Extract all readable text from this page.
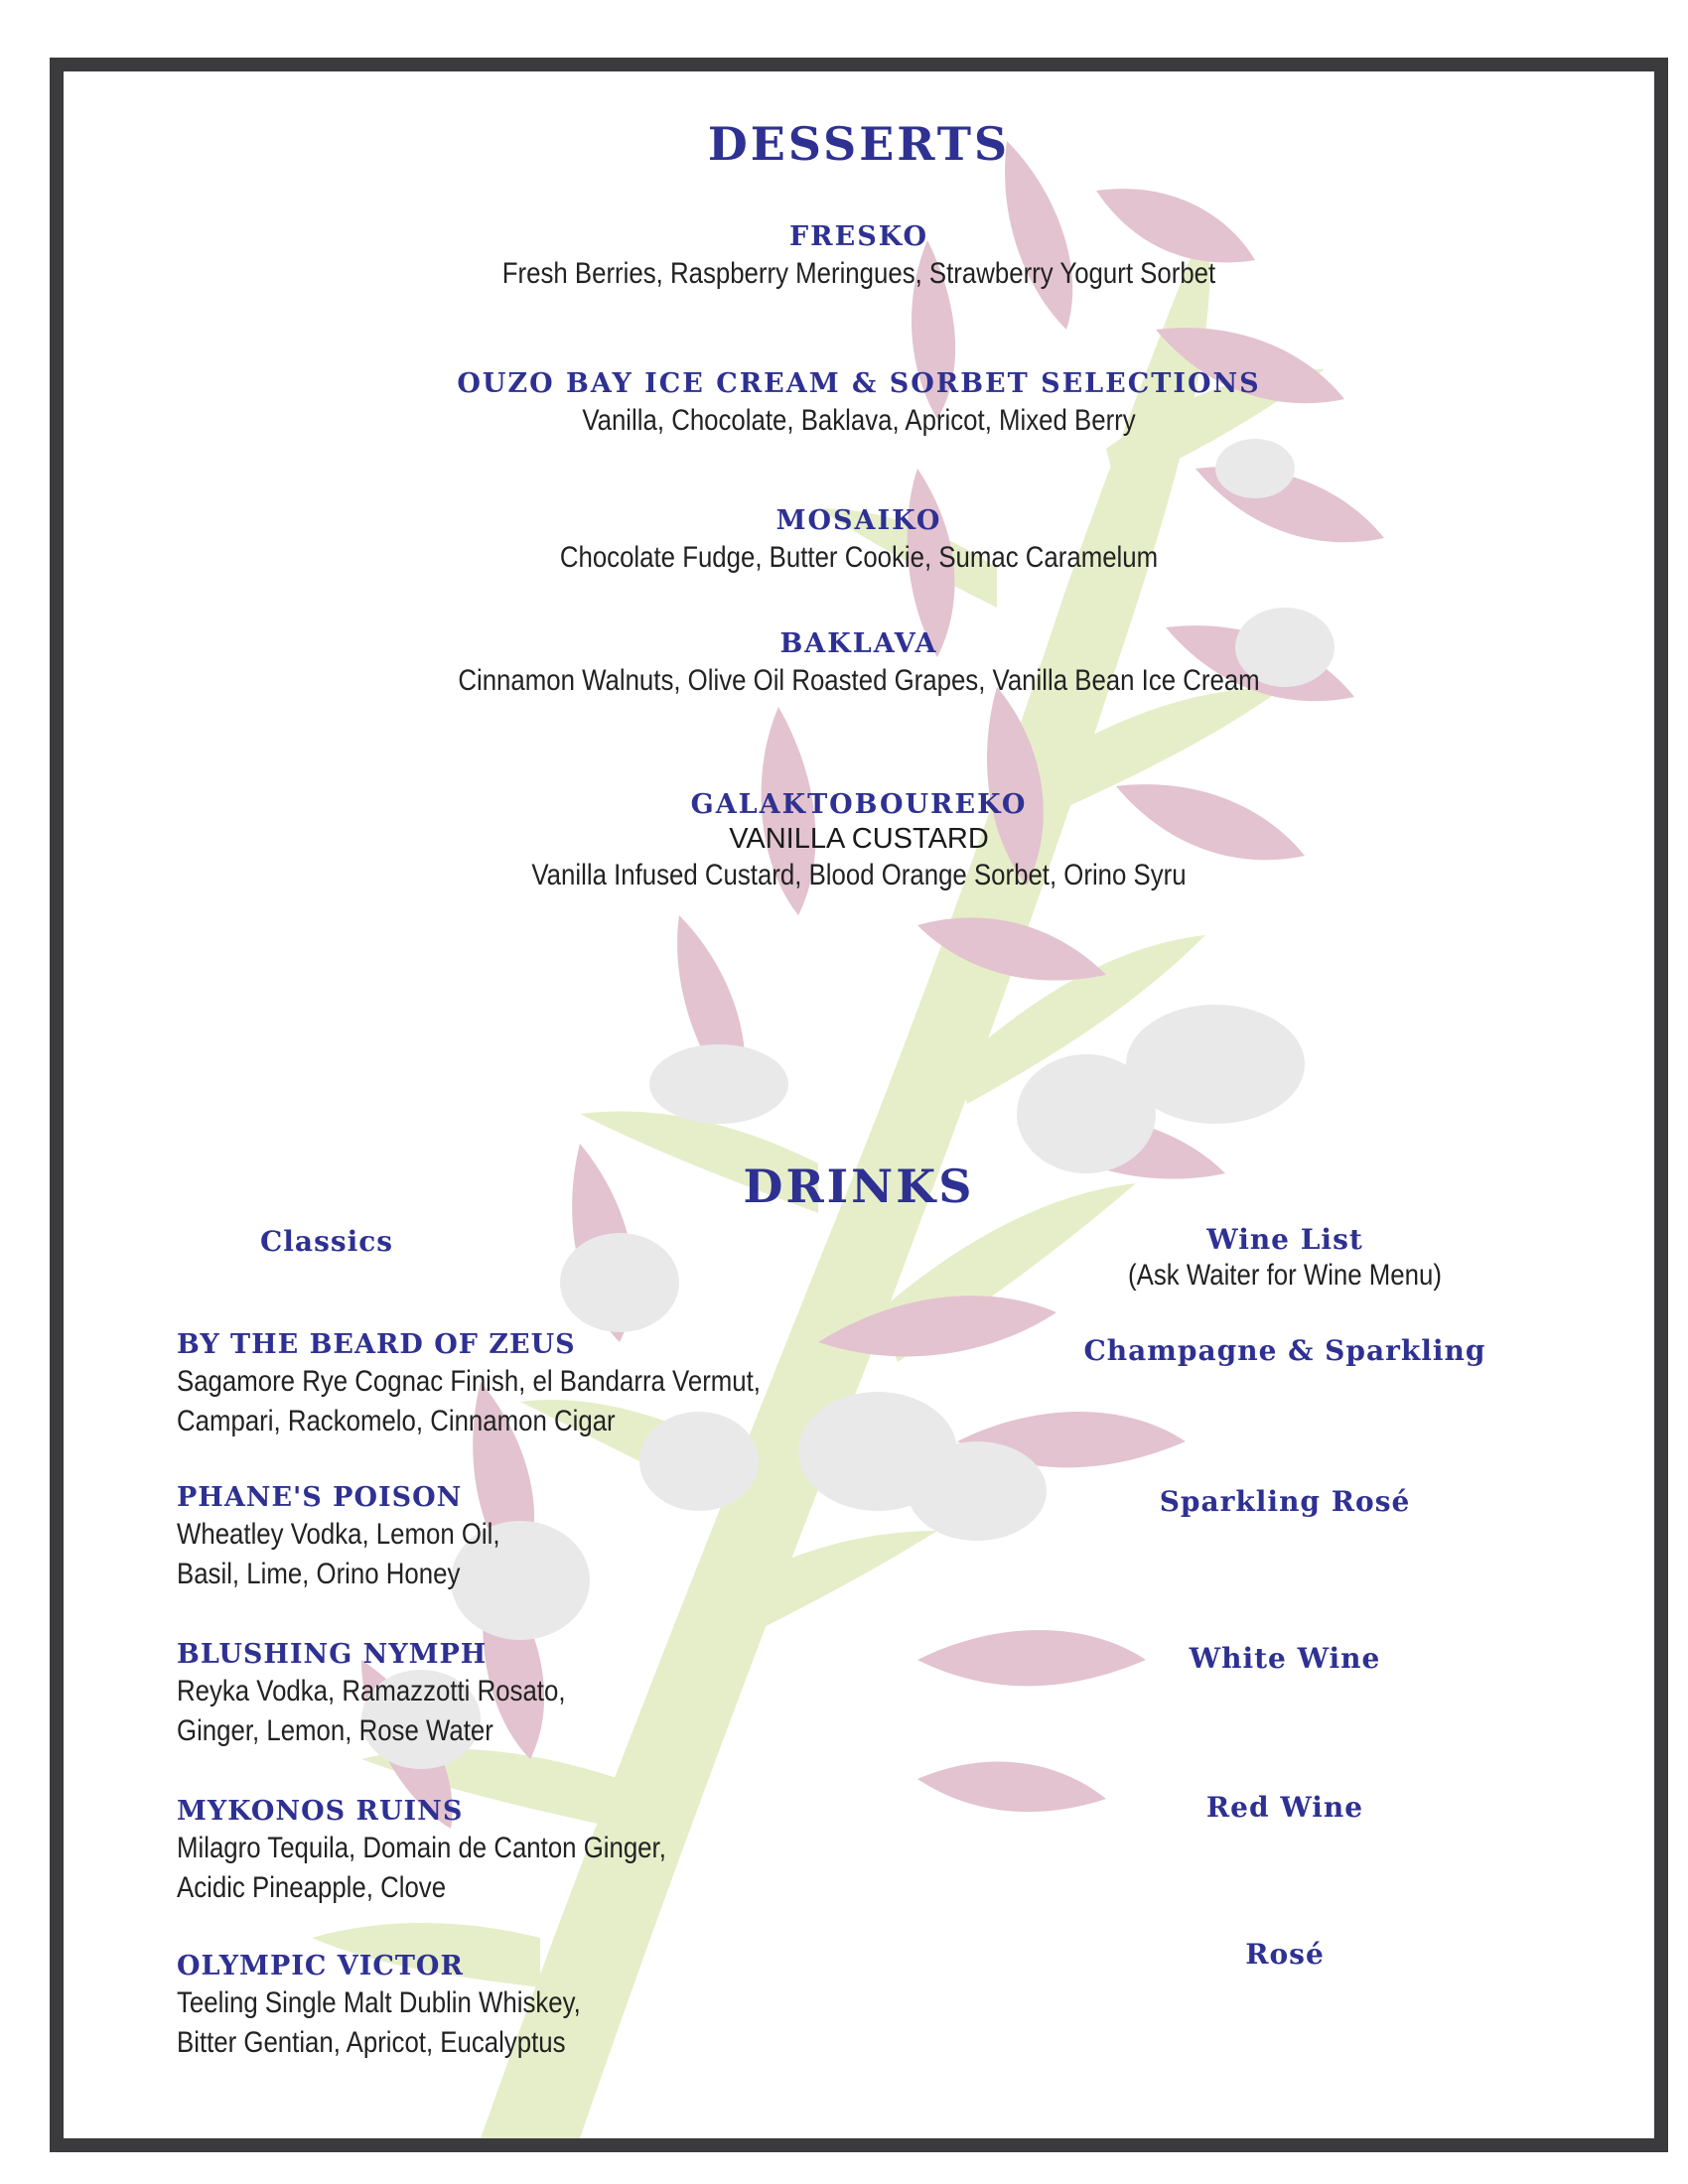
DESSERTS
FRESKO
Fresh Berries, Raspberry Meringues, Strawberry Yogurt Sorbet
OUZO BAY ICE CREAM & SORBET SELECTIONS
Vanilla, Chocolate, Baklava, Apricot, Mixed Berry
MOSAIKO
Chocolate Fudge, Butter Cookie, Sumac Caramelum
BAKLAVA
Cinnamon Walnuts, Olive Oil Roasted Grapes, Vanilla Bean Ice Cream
GALAKTOBOUREKO
VANILLA CUSTARD
Vanilla Infused Custard, Blood Orange Sorbet, Orino Syru
DRINKS
Classics
BY THE BEARD OF ZEUS
Sagamore Rye Cognac Finish, el Bandarra Vermut,
Campari, Rackomelo, Cinnamon Cigar
PHANE'S POISON
Wheatley Vodka, Lemon Oil,
Basil, Lime, Orino Honey
BLUSHING NYMPH
Reyka Vodka, Ramazzotti Rosato,
Ginger, Lemon, Rose Water
MYKONOS RUINS
Milagro Tequila, Domain de Canton Ginger,
Acidic Pineapple, Clove
OLYMPIC VICTOR
Teeling Single Malt Dublin Whiskey,
Bitter Gentian, Apricot, Eucalyptus
Wine List
(Ask Waiter for Wine Menu)
Champagne & Sparkling
Sparkling Rosé
White Wine
Red Wine
Rosé
